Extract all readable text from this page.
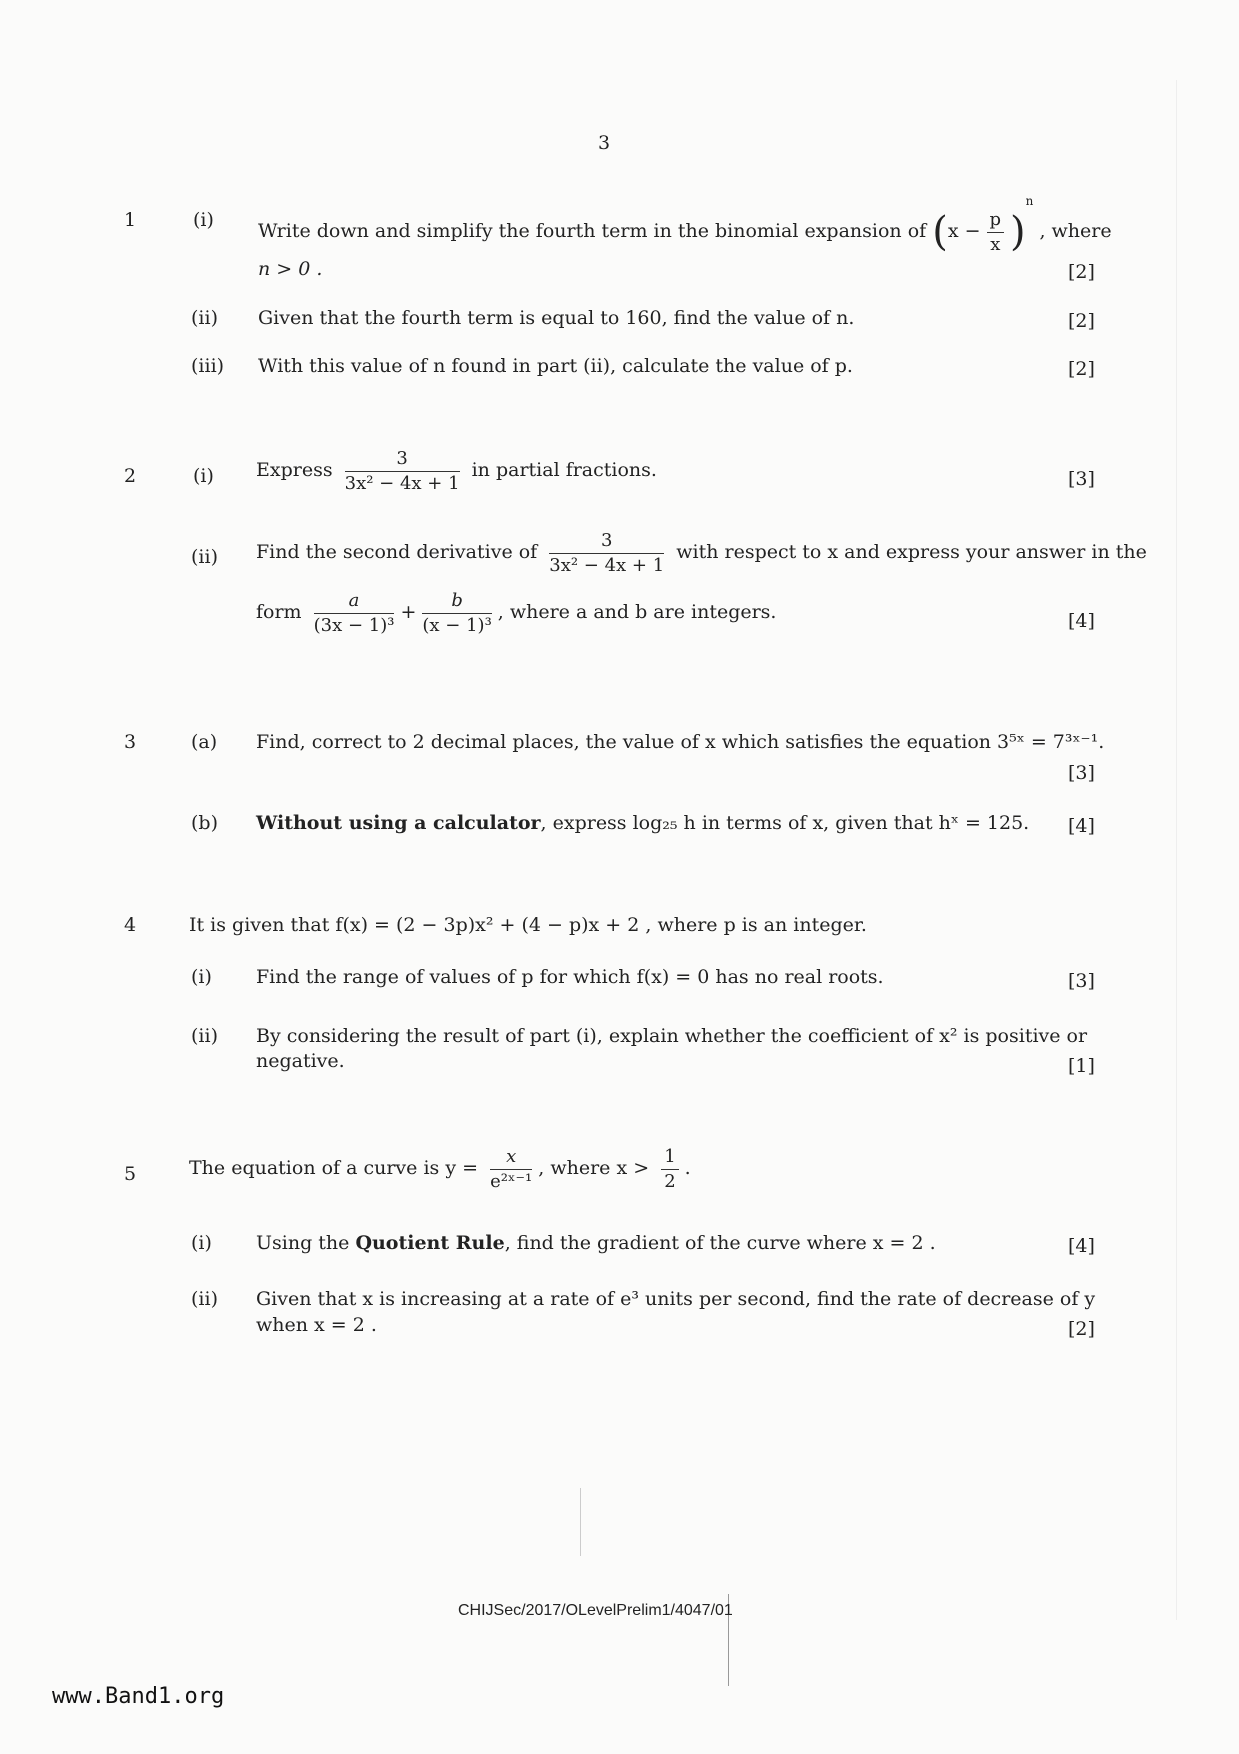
3
1	(i) Write down and simplify the fourth term in the binomial expansion of $(x - \frac{p}{x} )^n$ , where
n > 0 .	[2]
(ii) Given that the fourth term is equal to 160, find the value of n.	[2]
(iii) With this value of n found in part (ii), calculate the value of p.	[2]
2	(i) Express $\frac{3}{\text{3x² − 4x + 1}}$ in partial fractions.	[3]
(ii) Find the second derivative of $\frac{3}{\text{3x² − 4x + 1}}$ with respect to x and express your answer in the
form $\frac{a}{\text{(3x − 1)³}} + \frac{b}{\text{(x − 1)³}}$ , where a and b are integers.	[4]
3	(a) Find, correct to 2 decimal places, the value of x which satisfies the equation 3⁵ˣ = 7³ˣ⁻¹.
[3]
(b) Without using a calculator, express log₂₅ h in terms of x, given that hˣ = 125. [4]
4	It is given that f(x) = (2 − 3p)x² + (4 − p)x + 2 , where p is an integer.
(i) Find the range of values of p for which f(x) = 0 has no real roots.	[3]
(ii) By considering the result of part (i), explain whether the coefficient of x² is positive or
negative.	[1]
5	The equation of a curve is $y = \frac{x}{\text{e²ˣ⁻¹}}$ , where $x > \frac{1}{2}$ .
(i) Using the Quotient Rule, find the gradient of the curve where x = 2 .	[4]
(ii) Given that x is increasing at a rate of e³ units per second, find the rate of decrease of y
when x = 2 .	[2]
CHIJSec/2017/OLevelPrelim1/4047/01
www.Band1.org
